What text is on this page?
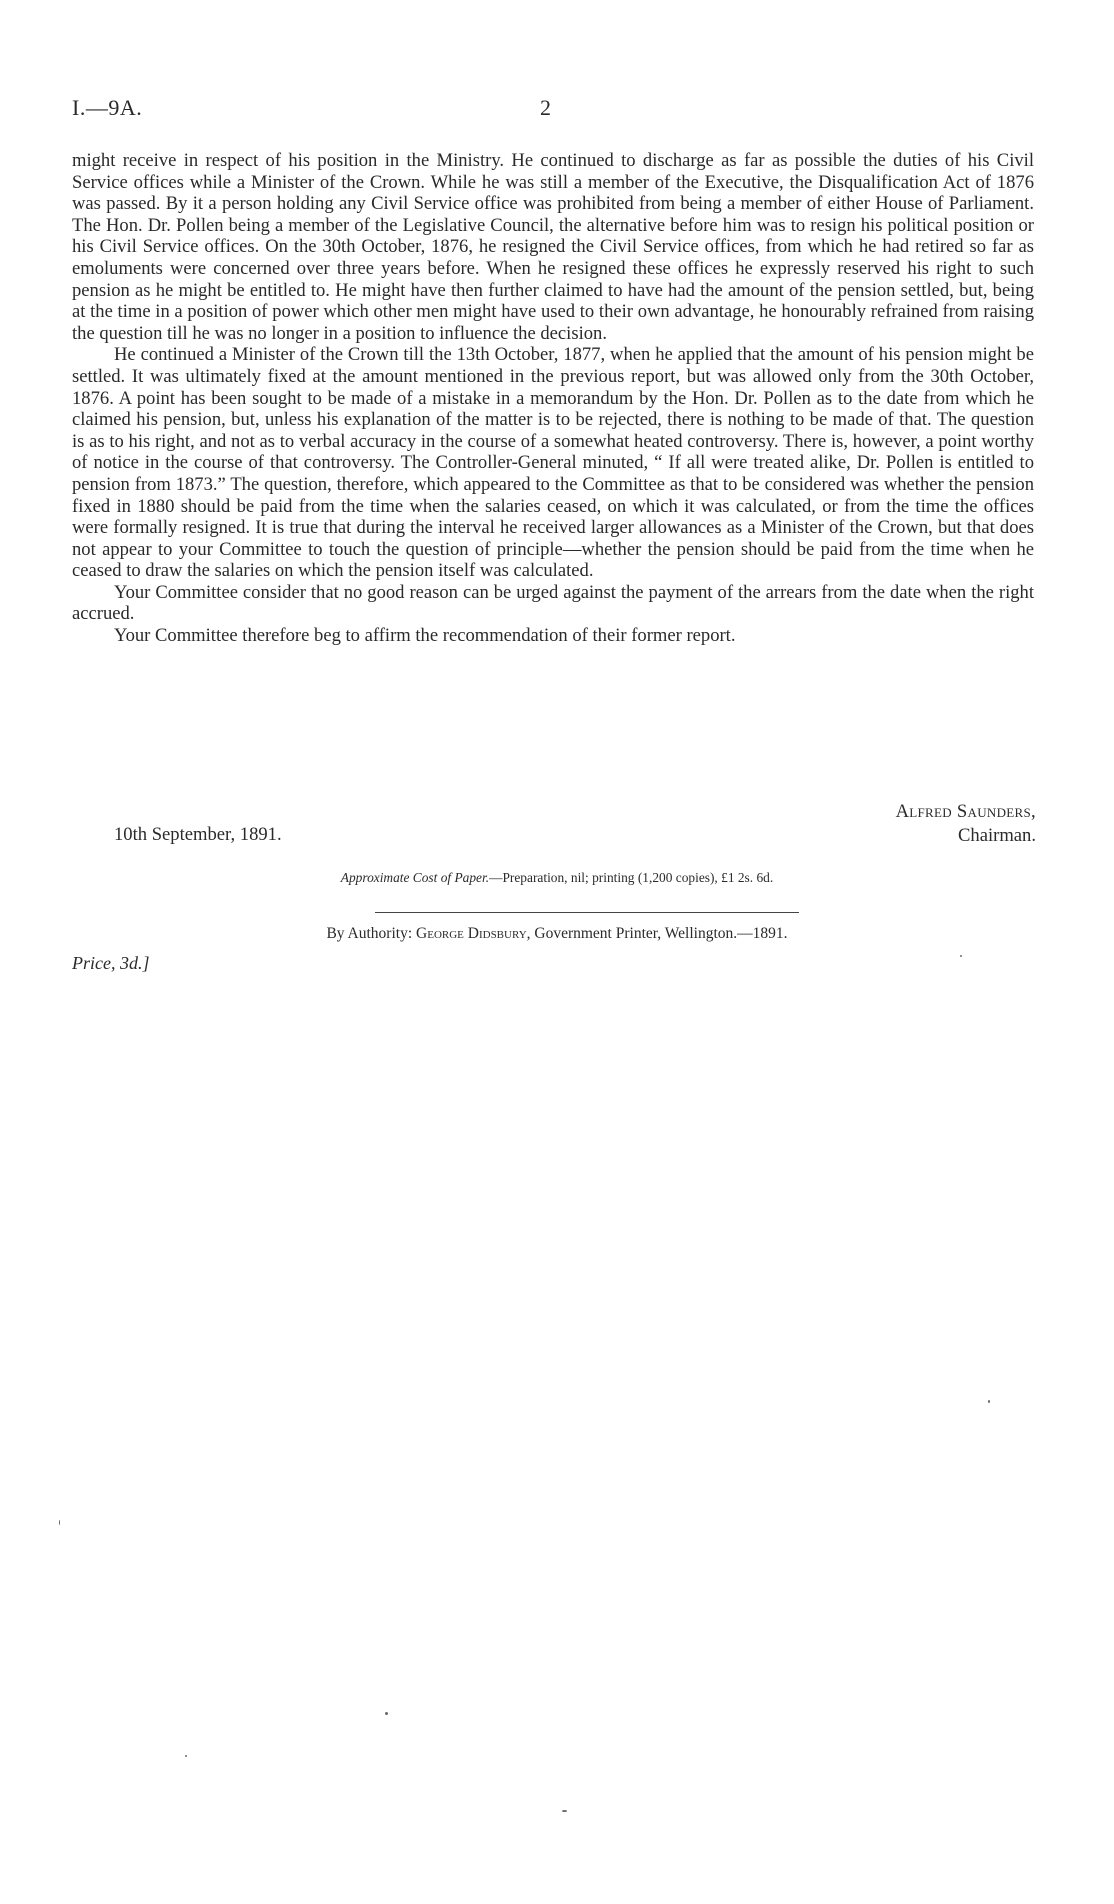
I.—9A.	2

might receive in respect of his position in the Ministry. He continued to discharge as far as possible the duties of his Civil Service offices while a Minister of the Crown. While he was still a member of the Executive, the Disqualification Act of 1876 was passed. By it a person holding any Civil Service office was prohibited from being a member of either House of Parliament. The Hon. Dr. Pollen being a member of the Legislative Council, the alternative before him was to resign his political position or his Civil Service offices. On the 30th October, 1876, he resigned the Civil Service offices, from which he had retired so far as emoluments were concerned over three years before. When he resigned these offices he expressly reserved his right to such pension as he might be entitled to. He might have then further claimed to have had the amount of the pension settled, but, being at the time in a position of power which other men might have used to their own advantage, he honourably refrained from raising the question till he was no longer in a position to influence the decision.

He continued a Minister of the Crown till the 13th October, 1877, when he applied that the amount of his pension might be settled. It was ultimately fixed at the amount mentioned in the previous report, but was allowed only from the 30th October, 1876. A point has been sought to be made of a mistake in a memorandum by the Hon. Dr. Pollen as to the date from which he claimed his pension, but, unless his explanation of the matter is to be rejected, there is nothing to be made of that. The question is as to his right, and not as to verbal accuracy in the course of a somewhat heated controversy. There is, however, a point worthy of notice in the course of that controversy. The Controller-General minuted, “ If all were treated alike, Dr. Pollen is entitled to pension from 1873.” The question, therefore, which appeared to the Committee as that to be considered was whether the pension fixed in 1880 should be paid from the time when the salaries ceased, on which it was calculated, or from the time the offices were formally resigned. It is true that during the interval he received larger allowances as a Minister of the Crown, but that does not appear to your Committee to touch the question of principle—whether the pension should be paid from the time when he ceased to draw the salaries on which the pension itself was calculated.

Your Committee consider that no good reason can be urged against the payment of the arrears from the date when the right accrued.

Your Committee therefore beg to affirm the recommendation of their former report.

Alfred Saunders,
Chairman.
10th September, 1891.
Approximate Cost of Paper.—Preparation, nil; printing (1,200 copies), £1 2s. 6d.
By Authority: George Didsbury, Government Printer, Wellington.—1891.
Price, 3d.]
